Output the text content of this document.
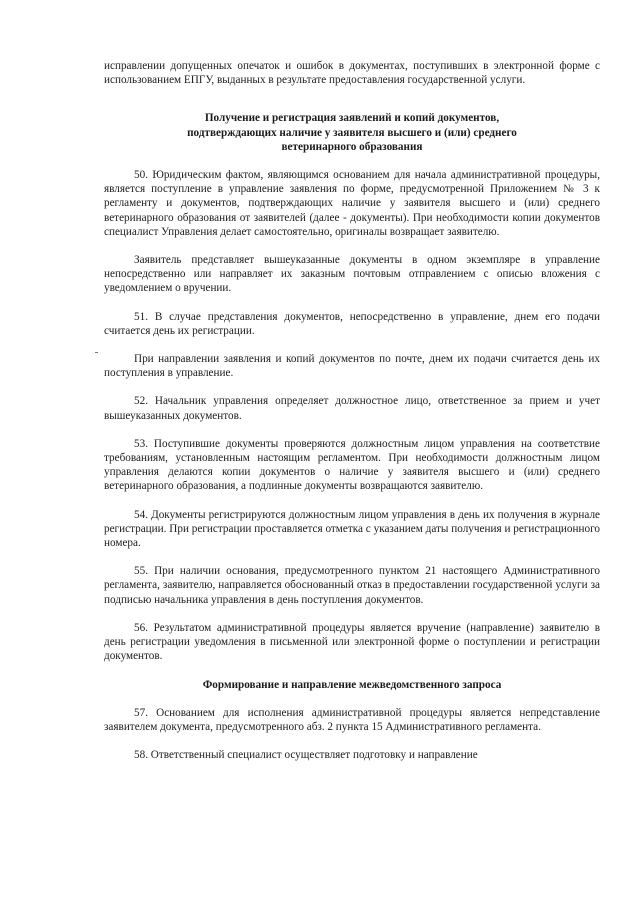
исправлении допущенных опечаток и ошибок в документах, поступивших в электронной форме с использованием ЕПГУ, выданных в результате предоставления государственной услуги.

Получение и регистрация заявлений и копий документов,
подтверждающих наличие у заявителя высшего и (или) среднего
ветеринарного образования

50. Юридическим фактом, являющимся основанием для начала административной процедуры, является поступление в управление заявления по форме, предусмотренной Приложением № 3 к регламенту и документов, подтверждающих наличие у заявителя высшего и (или) среднего ветеринарного образования от заявителей (далее - документы). При необходимости копии документов специалист Управления делает самостоятельно, оригиналы возвращает заявителю.

Заявитель представляет вышеуказанные документы в одном экземпляре в управление непосредственно или направляет их заказным почтовым отправлением с описью вложения с уведомлением о вручении.

51. В случае представления документов, непосредственно в управление, днем его подачи считается день их регистрации.

При направлении заявления и копий документов по почте, днем их подачи считается день их поступления в управление.

52. Начальник управления определяет должностное лицо, ответственное за прием и учет вышеуказанных документов.

53. Поступившие документы проверяются должностным лицом управления на соответствие требованиям, установленным настоящим регламентом. При необходимости должностным лицом управления делаются копии документов о наличие у заявителя высшего и (или) среднего ветеринарного образования, а подлинные документы возвращаются заявителю.

54. Документы регистрируются должностным лицом управления в день их получения в журнале регистрации. При регистрации проставляется отметка с указанием даты получения и регистрационного номера.

55. При наличии основания, предусмотренного пунктом 21 настоящего Административного регламента, заявителю, направляется обоснованный отказ в предоставлении государственной услуги за подписью начальника управления в день поступления документов.

56. Результатом административной процедуры является вручение (направление) заявителю в день регистрации уведомления в письменной или электронной форме о поступлении и регистрации документов.

Формирование и направление межведомственного запроса

57. Основанием для исполнения административной процедуры является непредставление заявителем документа, предусмотренного абз. 2 пункта 15 Административного регламента.

58. Ответственный специалист осуществляет подготовку и направление
